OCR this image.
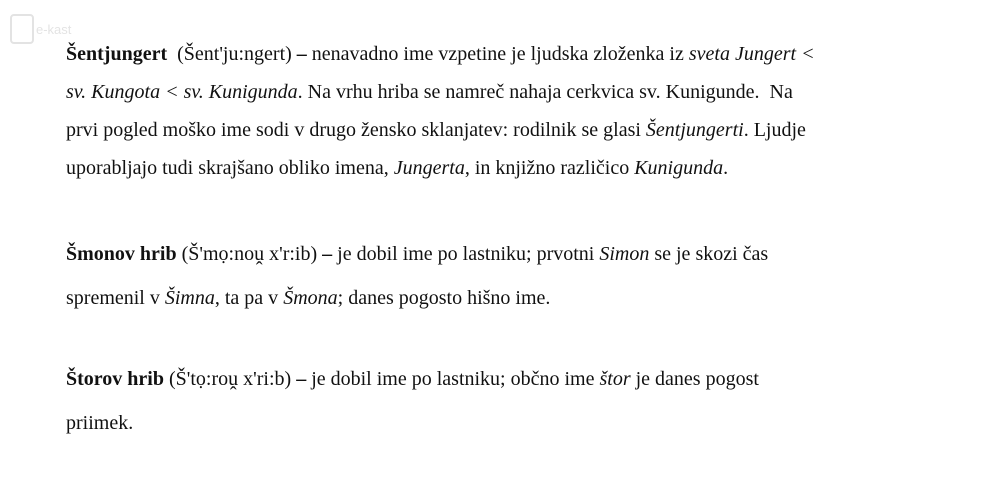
e-kast
Šentjungert  (Šent'ju:ngert) – nenavadno ime vzpetine je ljudska zloženka iz sveta Jungert <
sv. Kungota < sv. Kunigunda. Na vrhu hriba se namreč nahaja cerkvica sv. Kunigunde.  Na
prvi pogled moško ime sodi v drugo žensko sklanjatev: rodilnik se glasi Šentjungerti. Ljudje
uporabljajo tudi skrajšano obliko imena, Jungerta, in knjižno različico Kunigunda.
Šmonov hrib (Š'mọ:noṷ x'r:ib) – je dobil ime po lastniku; prvotni Simon se je skozi čas
spremenil v Šimna, ta pa v Šmona; danes pogosto hišno ime.
Štorov hrib (Š'tọ:roṷ x'ri:b) – je dobil ime po lastniku; občno ime štor je danes pogost
priimek.
